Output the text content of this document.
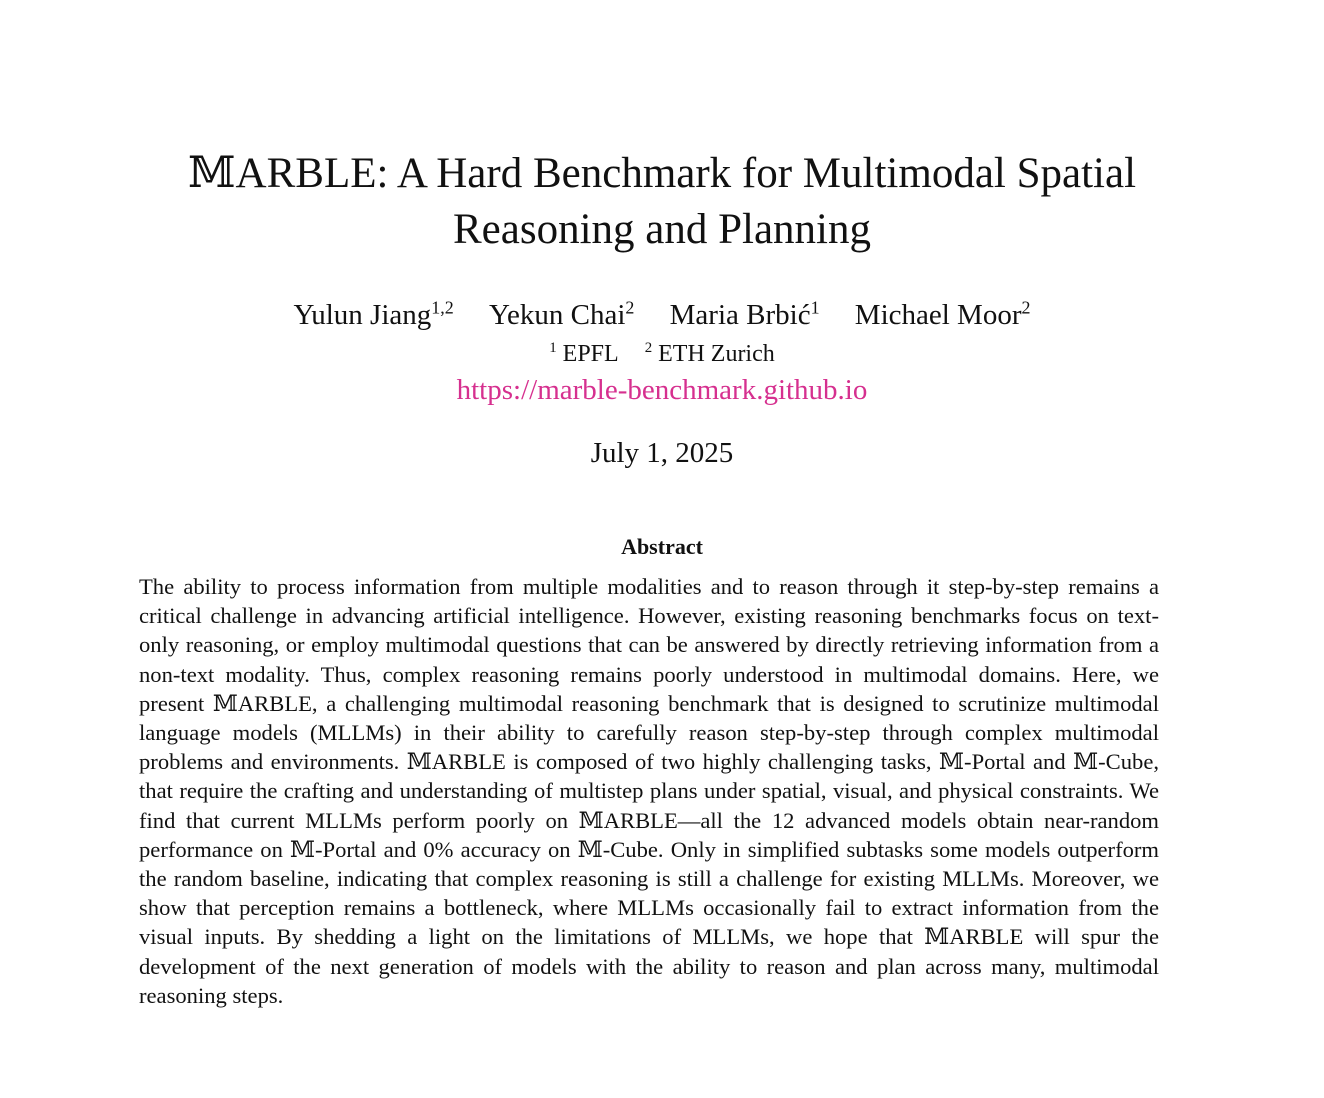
𝕄ARBLE: A Hard Benchmark for Multimodal Spatial
Reasoning and Planning
Yulun Jiang$^{1,2}$ Yekun Chai$^2$ Maria Brbić$^1$ Michael Moor$^2$
$^1$ EPFL $^2$ ETH Zurich
https://marble-benchmark.github.io
July 1, 2025
Abstract

The ability to process information from multiple modalities and to reason through it step-by-step remains a critical challenge in advancing artificial intelligence. However, existing reasoning benchmarks focus on text-only reasoning, or employ multimodal questions that can be answered by directly retrieving information from a non-text modality. Thus, complex reasoning remains poorly understood in multimodal domains. Here, we present 𝕄ARBLE, a challenging multimodal reasoning benchmark that is designed to scrutinize multimodal language models (MLLMs) in their ability to carefully reason step-by-step through complex multimodal problems and environments. 𝕄ARBLE is composed of two highly challenging tasks, 𝕄-Portal and 𝕄-Cube, that require the crafting and understanding of multistep plans under spatial, visual, and physical constraints. We find that current MLLMs perform poorly on 𝕄ARBLE—all the 12 advanced models obtain near-random performance on 𝕄-Portal and 0% accuracy on 𝕄-Cube. Only in simplified subtasks some models outperform the random baseline, indicating that complex reasoning is still a challenge for existing MLLMs. Moreover, we show that perception remains a bottleneck, where MLLMs occasionally fail to extract information from the visual inputs. By shedding a light on the limitations of MLLMs, we hope that 𝕄ARBLE will spur the development of the next generation of models with the ability to reason and plan across many, multimodal reasoning steps.
